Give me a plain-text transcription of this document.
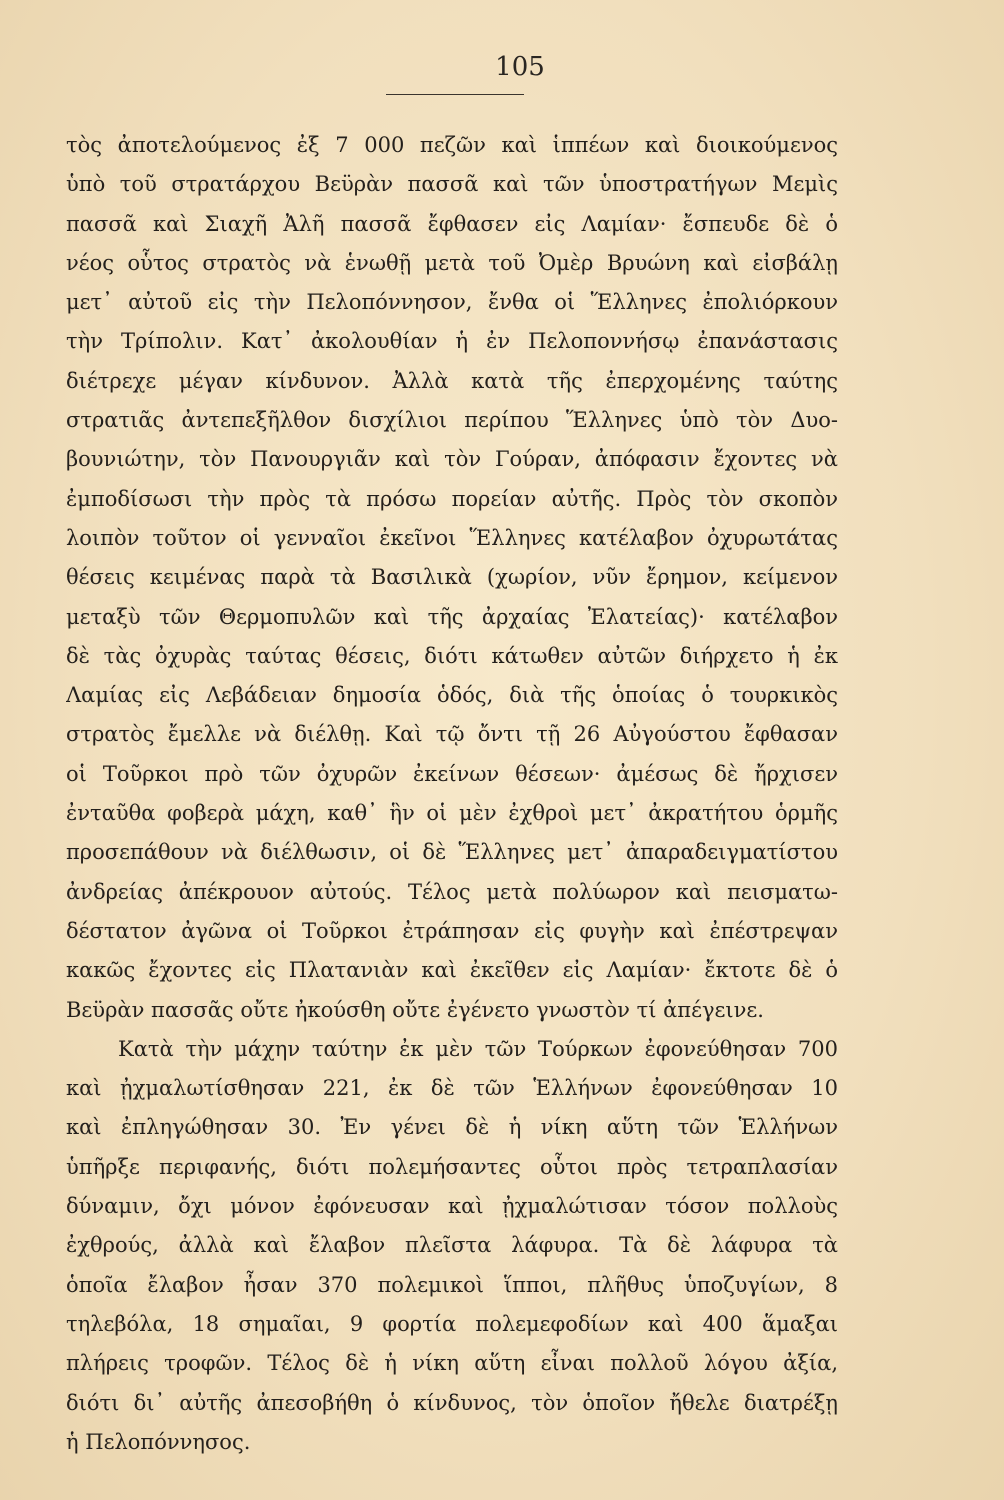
105
τὸς ἀποτελούμενος ἐξ 7 000 πεζῶν καὶ ἱππέων καὶ διοικούμενος
ὑπὸ τοῦ στρατάρχου Βεϋρὰν πασσᾶ καὶ τῶν ὑποστρατήγων Μεμὶς
πασσᾶ καὶ Σιαχῆ Ἀλῆ πασσᾶ ἔφθασεν εἰς Λαμίαν· ἔσπευδε δὲ ὁ
νέος οὗτος στρατὸς νὰ ἑνωθῇ μετὰ τοῦ Ὀμὲρ Βρυώνη καὶ εἰσβάλῃ
μετ᾽ αὐτοῦ εἰς τὴν Πελοπόννησον, ἔνθα οἱ Ἕλληνες ἐπολιόρκουν
τὴν Τρίπολιν. Κατ᾽ ἀκολουθίαν ἡ ἐν Πελοποννήσῳ ἐπανάστασις
διέτρεχε μέγαν κίνδυνον. Ἀλλὰ κατὰ τῆς ἐπερχομένης ταύτης
στρατιᾶς ἀντεπεξῆλθον δισχίλιοι περίπου Ἕλληνες ὑπὸ τὸν Δυο-
βουνιώτην, τὸν Πανουργιᾶν καὶ τὸν Γούραν, ἀπόφασιν ἔχοντες νὰ
ἐμποδίσωσι τὴν πρὸς τὰ πρόσω πορείαν αὐτῆς. Πρὸς τὸν σκοπὸν
λοιπὸν τοῦτον οἱ γενναῖοι ἐκεῖνοι Ἕλληνες κατέλαβον ὀχυρωτάτας
θέσεις κειμένας παρὰ τὰ Βασιλικὰ (χωρίον, νῦν ἔρημον, κείμενον
μεταξὺ τῶν Θερμοπυλῶν καὶ τῆς ἀρχαίας Ἐλατείας)· κατέλαβον
δὲ τὰς ὀχυρὰς ταύτας θέσεις, διότι κάτωθεν αὐτῶν διήρχετο ἡ ἐκ
Λαμίας εἰς Λεβάδειαν δημοσία ὁδός, διὰ τῆς ὁποίας ὁ τουρκικὸς
στρατὸς ἔμελλε νὰ διέλθῃ. Καὶ τῷ ὄντι τῇ 26 Αὐγούστου ἔφθασαν
οἱ Τοῦρκοι πρὸ τῶν ὀχυρῶν ἐκείνων θέσεων· ἀμέσως δὲ ἤρχισεν
ἐνταῦθα φοβερὰ μάχη, καθ᾽ ἣν οἱ μὲν ἐχθροὶ μετ᾽ ἀκρατήτου ὁρμῆς
προσεπάθουν νὰ διέλθωσιν, οἱ δὲ Ἕλληνες μετ᾽ ἀπαραδειγματίστου
ἀνδρείας ἀπέκρουον αὐτούς. Τέλος μετὰ πολύωρον καὶ πεισματω-
δέστατον ἀγῶνα οἱ Τοῦρκοι ἐτράπησαν εἰς φυγὴν καὶ ἐπέστρεψαν
κακῶς ἔχοντες εἰς Πλατανιὰν καὶ ἐκεῖθεν εἰς Λαμίαν· ἔκτοτε δὲ ὁ
Βεϋρὰν πασσᾶς οὔτε ἠκούσθη οὔτε ἐγένετο γνωστὸν τί ἀπέγεινε.
Κατὰ τὴν μάχην ταύτην ἐκ μὲν τῶν Τούρκων ἐφονεύθησαν 700
καὶ ᾐχμαλωτίσθησαν 221, ἐκ δὲ τῶν Ἑλλήνων ἐφονεύθησαν 10
καὶ ἐπληγώθησαν 30. Ἐν γένει δὲ ἡ νίκη αὕτη τῶν Ἑλλήνων
ὑπῆρξε περιφανής, διότι πολεμήσαντες οὗτοι πρὸς τετραπλασίαν
δύναμιν, ὄχι μόνον ἐφόνευσαν καὶ ᾐχμαλώτισαν τόσον πολλοὺς
ἐχθρούς, ἀλλὰ καὶ ἔλαβον πλεῖστα λάφυρα. Τὰ δὲ λάφυρα τὰ
ὁποῖα ἔλαβον ἦσαν 370 πολεμικοὶ ἵπποι, πλῆθυς ὑποζυγίων, 8
τηλεβόλα, 18 σημαῖαι, 9 φορτία πολεμεφοδίων καὶ 400 ἅμαξαι
πλήρεις τροφῶν. Τέλος δὲ ἡ νίκη αὕτη εἶναι πολλοῦ λόγου ἀξία,
διότι δι᾽ αὐτῆς ἀπεσοβήθη ὁ κίνδυνος, τὸν ὁποῖον ἤθελε διατρέξῃ
ἡ Πελοπόννησος.
